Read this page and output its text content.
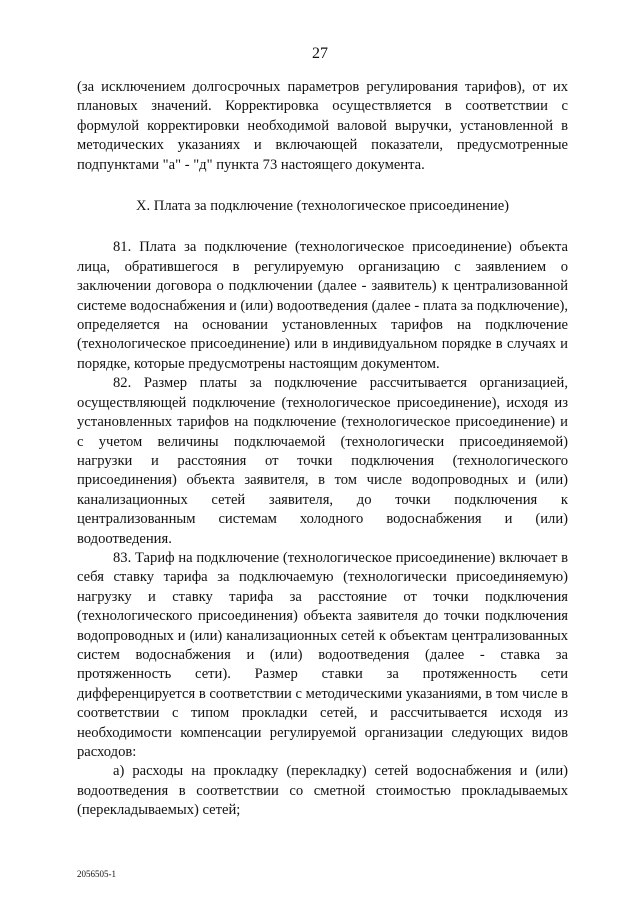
27

(за исключением долгосрочных параметров регулирования тарифов), от их плановых значений. Корректировка осуществляется в соответствии с формулой корректировки необходимой валовой выручки, установленной в методических указаниях и включающей показатели, предусмотренные подпунктами "а" - "д" пункта 73 настоящего документа.

X. Плата за подключение (технологическое присоединение)

81. Плата за подключение (технологическое присоединение) объекта лица, обратившегося в регулируемую организацию с заявлением о заключении договора о подключении (далее - заявитель) к централизованной системе водоснабжения и (или) водоотведения (далее - плата за подключение), определяется на основании установленных тарифов на подключение (технологическое присоединение) или в индивидуальном порядке в случаях и порядке, которые предусмотрены настоящим документом.

82. Размер платы за подключение рассчитывается организацией, осуществляющей подключение (технологическое присоединение), исходя из установленных тарифов на подключение (технологическое присоединение) и с учетом величины подключаемой (технологически присоединяемой) нагрузки и расстояния от точки подключения (технологического присоединения) объекта заявителя, в том числе водопроводных и (или) канализационных сетей заявителя, до точки подключения к централизованным системам холодного водоснабжения и (или) водоотведения.

83. Тариф на подключение (технологическое присоединение) включает в себя ставку тарифа за подключаемую (технологически присоединяемую) нагрузку и ставку тарифа за расстояние от точки подключения (технологического присоединения) объекта заявителя до точки подключения водопроводных и (или) канализационных сетей к объектам централизованных систем водоснабжения и (или) водоотведения (далее - ставка за протяженность сети). Размер ставки за протяженность сети дифференцируется в соответствии с методическими указаниями, в том числе в соответствии с типом прокладки сетей, и рассчитывается исходя из необходимости компенсации регулируемой организации следующих видов расходов:

а) расходы на прокладку (перекладку) сетей водоснабжения и (или) водоотведения в соответствии со сметной стоимостью прокладываемых (перекладываемых) сетей;

2056505-1
